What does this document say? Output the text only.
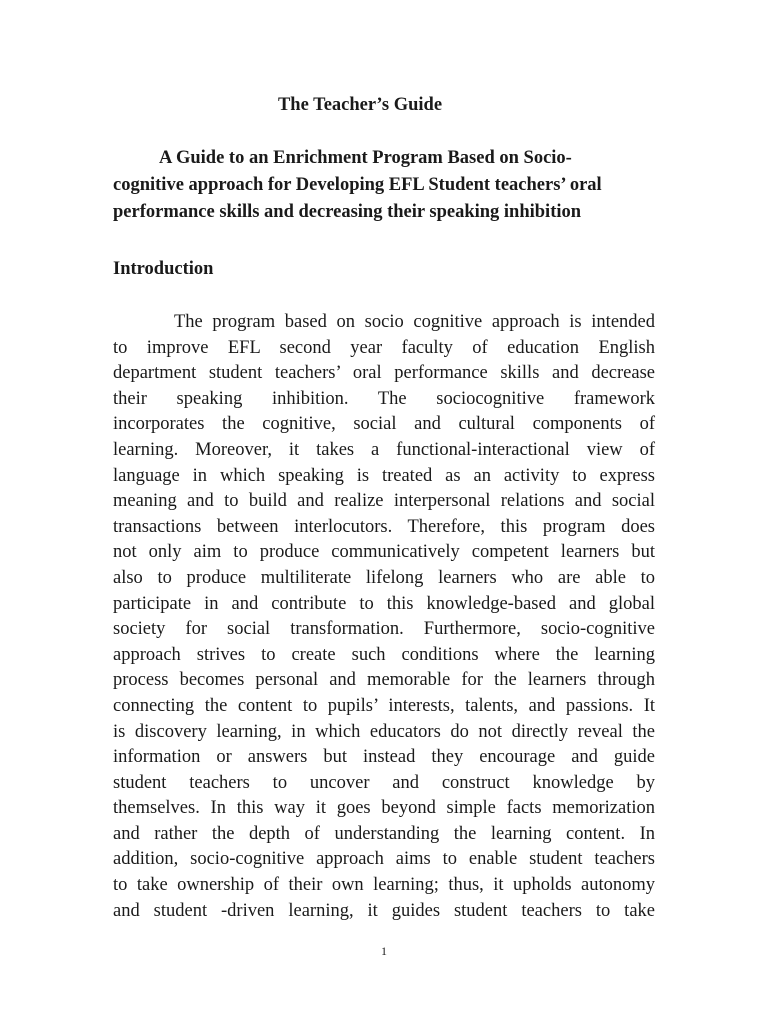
The Teacher’s Guide
A Guide to an Enrichment Program Based on Socio-
cognitive approach for Developing EFL Student teachers’ oral
performance skills and decreasing their speaking inhibition
Introduction
The program based on socio cognitive approach is intended
to improve EFL second year faculty of education English
department student teachers’ oral performance skills and decrease
their speaking inhibition. The sociocognitive framework
incorporates the cognitive, social and cultural components of
learning. Moreover, it takes a functional-interactional view of
language in which speaking is treated as an activity to express
meaning and to build and realize interpersonal relations and social
transactions between interlocutors. Therefore, this program does
not only aim to produce communicatively competent learners but
also to produce multiliterate lifelong learners who are able to
participate in and contribute to this knowledge-based and global
society for social transformation. Furthermore, socio-cognitive
approach strives to create such conditions where the learning
process becomes personal and memorable for the learners through
connecting the content to pupils’ interests, talents, and passions. It
is discovery learning, in which educators do not directly reveal the
information or answers but instead they encourage and guide
student teachers to uncover and construct knowledge by
themselves. In this way it goes beyond simple facts memorization
and rather the depth of understanding the learning content. In
addition, socio-cognitive approach aims to enable student teachers
to take ownership of their own learning; thus, it upholds autonomy
and student -driven learning, it guides student teachers to take
1
